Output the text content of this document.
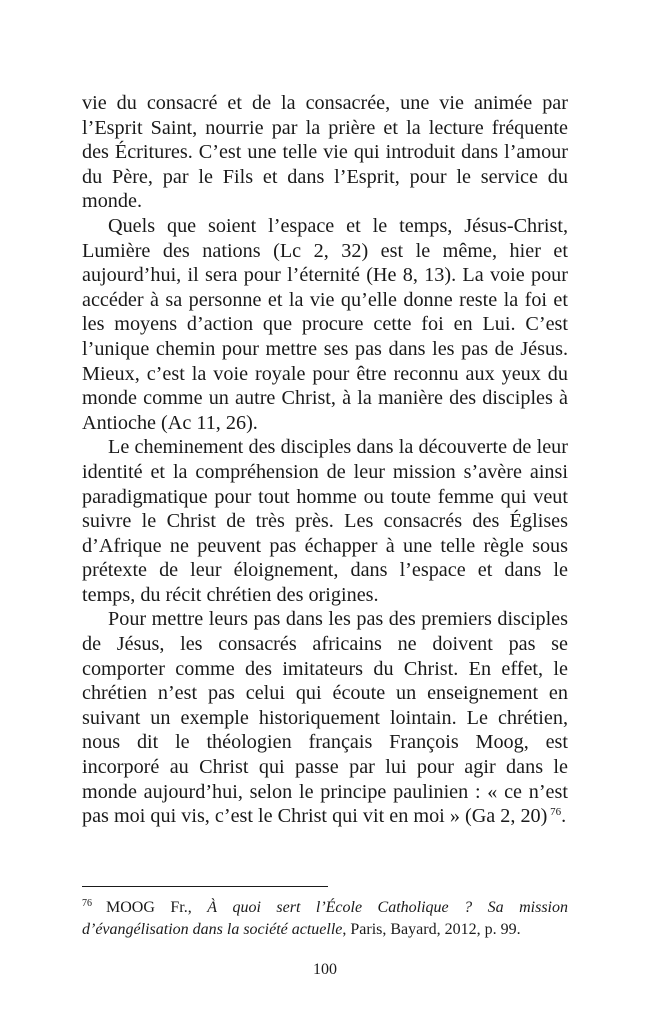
vie du consacré et de la consacrée, une vie animée par l’Esprit Saint, nourrie par la prière et la lecture fréquente des Écritures. C’est une telle vie qui introduit dans l’amour du Père, par le Fils et dans l’Esprit, pour le service du monde.

Quels que soient l’espace et le temps, Jésus-Christ, Lumière des nations (Lc 2, 32) est le même, hier et aujourd’hui, il sera pour l’éternité (He 8, 13). La voie pour accéder à sa personne et la vie qu’elle donne reste la foi et les moyens d’action que procure cette foi en Lui. C’est l’unique chemin pour mettre ses pas dans les pas de Jésus. Mieux, c’est la voie royale pour être reconnu aux yeux du monde comme un autre Christ, à la manière des disciples à Antioche (Ac 11, 26).

Le cheminement des disciples dans la découverte de leur identité et la compréhension de leur mission s’avère ainsi paradigmatique pour tout homme ou toute femme qui veut suivre le Christ de très près. Les consacrés des Églises d’Afrique ne peuvent pas échapper à une telle règle sous prétexte de leur éloignement, dans l’espace et dans le temps, du récit chrétien des origines.

Pour mettre leurs pas dans les pas des premiers disciples de Jésus, les consacrés africains ne doivent pas se comporter comme des imitateurs du Christ. En effet, le chrétien n’est pas celui qui écoute un enseignement en suivant un exemple historiquement lointain. Le chrétien, nous dit le théologien français François Moog, est incorporé au Christ qui passe par lui pour agir dans le monde aujourd’hui, selon le principe paulinien : « ce n’est pas moi qui vis, c’est le Christ qui vit en moi » (Ga 2, 20) $^{76}$.

$^{76}$ MOOG Fr., À quoi sert l’École Catholique ? Sa mission d’évangélisation dans la société actuelle, Paris, Bayard, 2012, p. 99.
100
